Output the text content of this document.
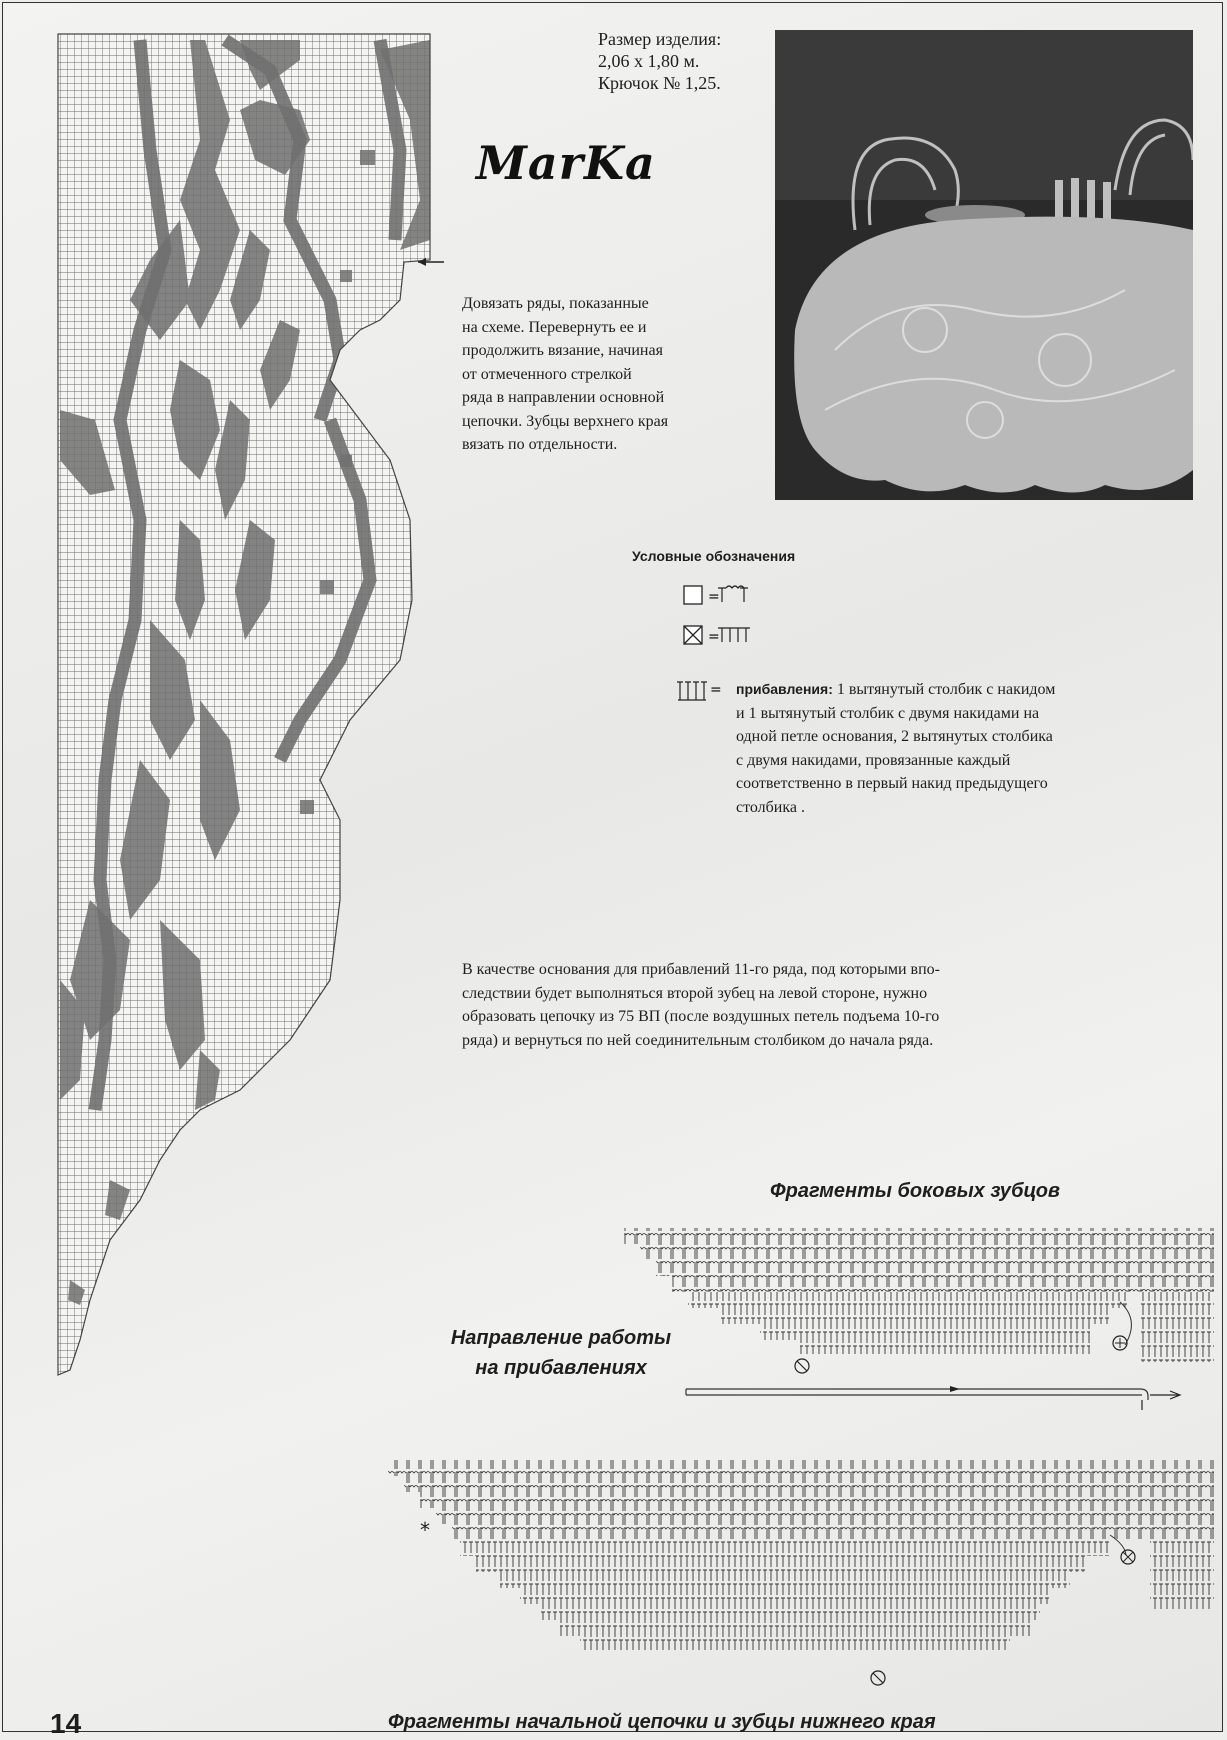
Размер изделия:
2,06 х 1,80 м.
Крючок № 1,25.
MarKa
Довязать ряды, показанные
на схеме. Перевернуть ее и
продолжить вязание, начиная
от отмеченного стрелкой
ряда в направлении основной
цепочки. Зубцы верхнего края
вязать по отдельности.
Условные обозначения
=
=
= прибавления: 1 вытянутый столбик с накидом
и 1 вытянутый столбик с двумя накидами на
одной петле основания, 2 вытянутых столбика
с двумя накидами, провязанные каждый
соответственно в первый накид предыдущего
столбика .
В качестве основания для прибавлений 11-го ряда, под которыми впо-
следствии будет выполняться второй зубец на левой стороне, нужно
образовать цепочку из 75 ВП (после воздушных петель подъема 10-го
ряда) и вернуться по ней соединительным столбиком до начала ряда.
Фрагменты боковых зубцов
*
Направление работы
на прибавлениях
Фрагменты начальной цепочки и зубцы нижнего края
14
